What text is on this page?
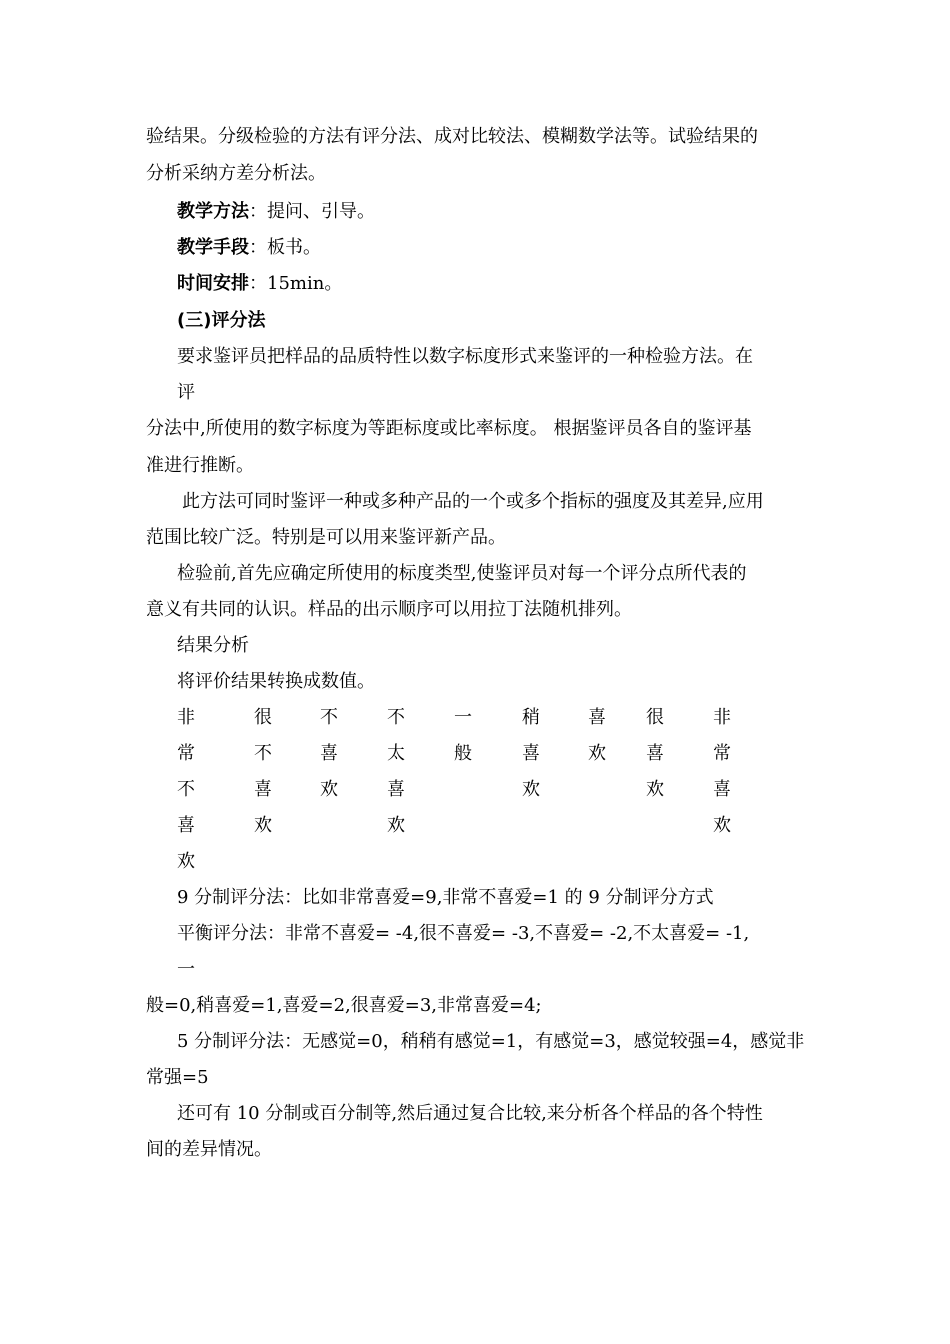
验结果。分级检验的方法有评分法、成对比较法、模糊数学法等。试验结果的

分析采纳方差分析法。

教学方法：提问、引导。

教学手段：板书。

时间安排：15min。

(三)评分法

要求鉴评员把样品的品质特性以数字标度形式来鉴评的一种检验方法。在

评

分法中,所使用的数字标度为等距标度或比率标度。 根据鉴评员各自的鉴评基

准进行推断。

此方法可同时鉴评一种或多种产品的一个或多个指标的强度及其差异,应用

范围比较广泛。特别是可以用来鉴评新产品。

检验前,首先应确定所使用的标度类型,使鉴评员对每一个评分点所代表的

意义有共同的认识。样品的出示顺序可以用拉丁法随机排列。

结果分析

将评价结果转换成数值。

非
常
不
喜
欢
很
不
喜
欢
不
喜
欢
不
太
喜
欢
一
般
稍
喜
欢
喜
欢
很
喜
欢
非
常
喜
欢

9 分制评分法：比如非常喜爱=9,非常不喜爱=1 的 9 分制评分方式

平衡评分法：非常不喜爱= -4,很不喜爱= -3,不喜爱= -2,不太喜爱= -1,

一

般=0,稍喜爱=1,喜爱=2,很喜爱=3,非常喜爱=4;

5 分制评分法：无感觉=0，稍稍有感觉=1，有感觉=3，感觉较强=4，感觉非

常强=5

还可有 10 分制或百分制等,然后通过复合比较,来分析各个样品的各个特性

间的差异情况。
